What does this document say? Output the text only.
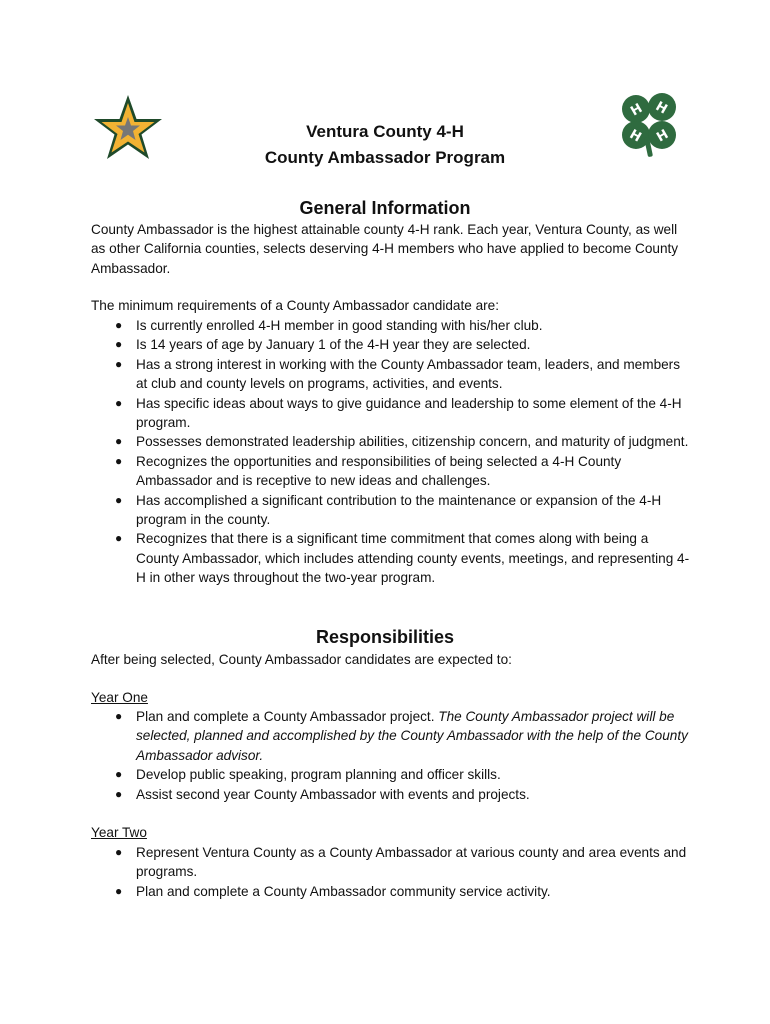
H H
H H
Ventura County 4-H
County Ambassador Program
General Information

County Ambassador is the highest attainable county 4-H rank. Each year, Ventura County, as well as other California counties, selects deserving 4-H members who have applied to become County Ambassador.

The minimum requirements of a County Ambassador candidate are:

● Is currently enrolled 4-H member in good standing with his/her club.
● Is 14 years of age by January 1 of the 4-H year they are selected.
● Has a strong interest in working with the County Ambassador team, leaders, and members at club and county levels on programs, activities, and events.
● Has specific ideas about ways to give guidance and leadership to some element of the 4-H program.
● Possesses demonstrated leadership abilities, citizenship concern, and maturity of judgment.
● Recognizes the opportunities and responsibilities of being selected a 4-H County Ambassador and is receptive to new ideas and challenges.
● Has accomplished a significant contribution to the maintenance or expansion of the 4-H program in the county.
● Recognizes that there is a significant time commitment that comes along with being a County Ambassador, which includes attending county events, meetings, and representing 4-H in other ways throughout the two-year program.
Responsibilities

After being selected, County Ambassador candidates are expected to:

Year One

● Plan and complete a County Ambassador project. The County Ambassador project will be selected, planned and accomplished by the County Ambassador with the help of the County Ambassador advisor.
● Develop public speaking, program planning and officer skills.
● Assist second year County Ambassador with events and projects.

Year Two

● Represent Ventura County as a County Ambassador at various county and area events and programs.
● Plan and complete a County Ambassador community service activity.
